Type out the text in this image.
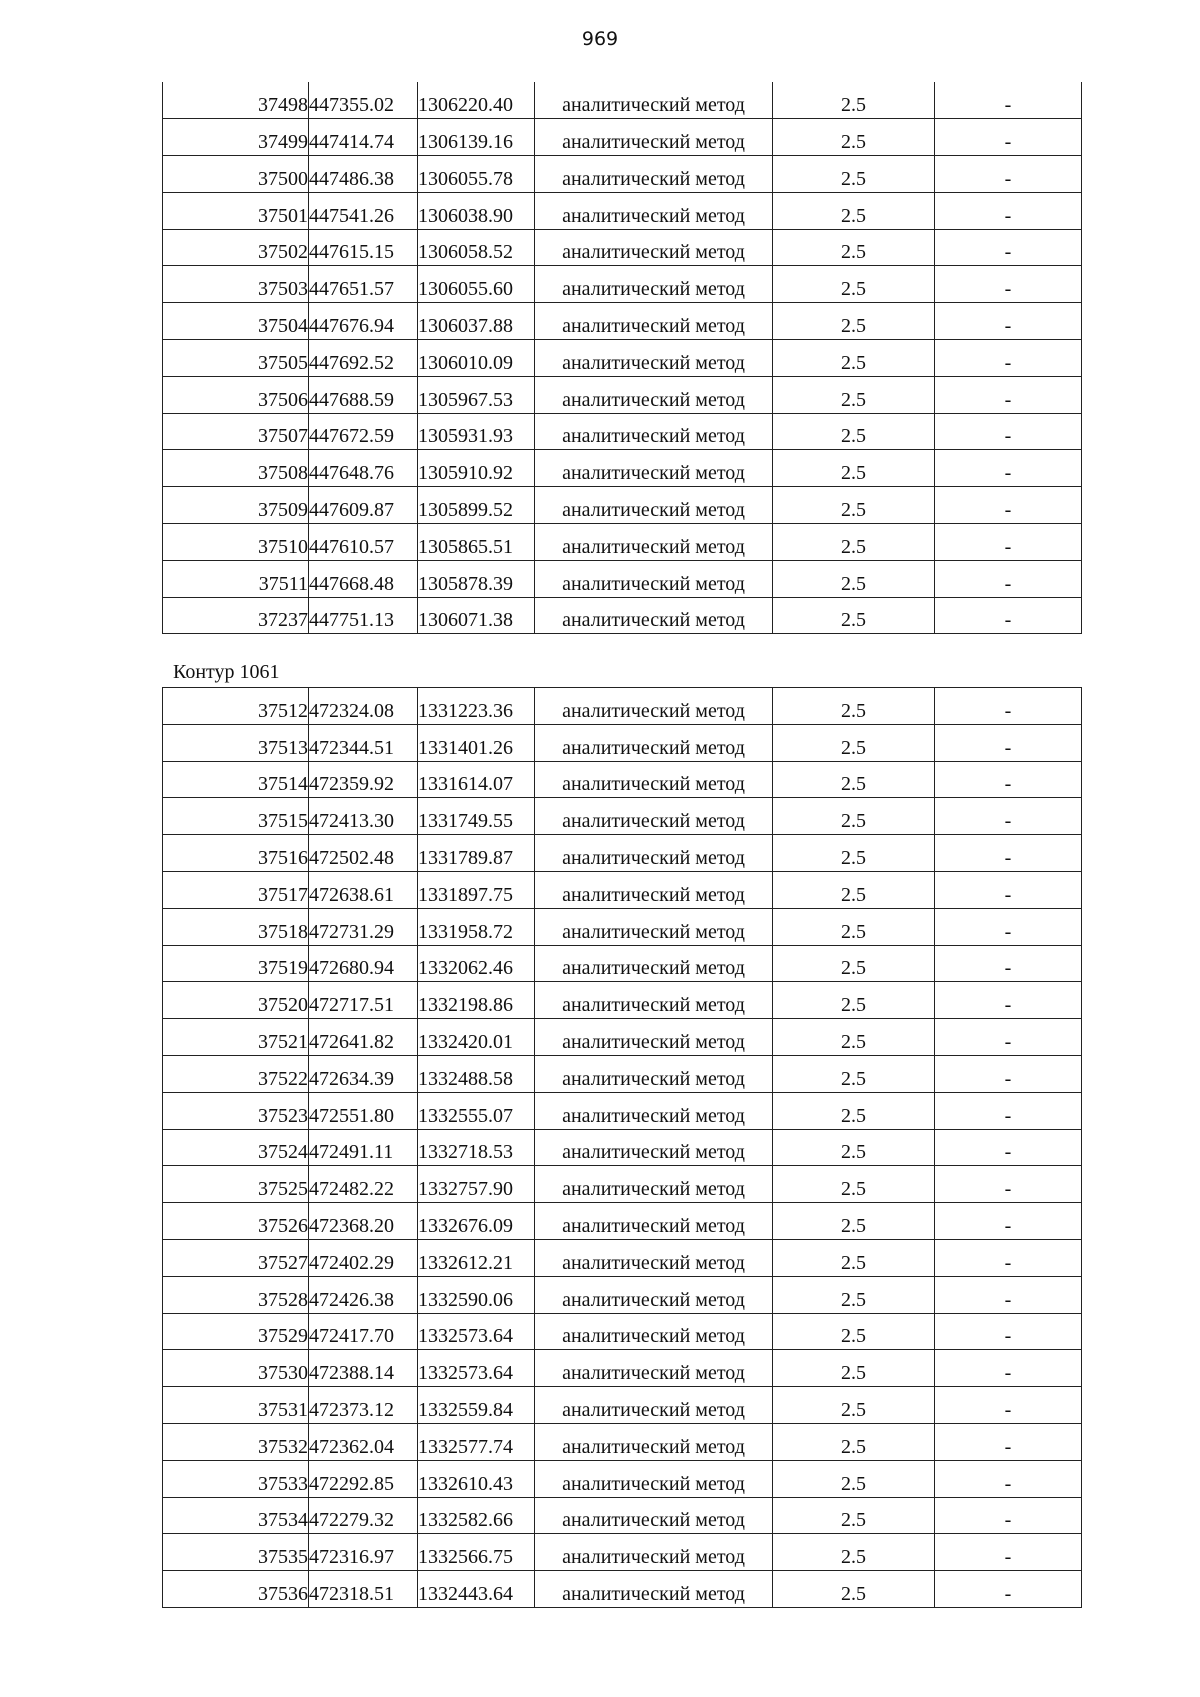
969
37498	447355.02	1306220.40	аналитический метод	2.5	-
37499	447414.74	1306139.16	аналитический метод	2.5	-
37500	447486.38	1306055.78	аналитический метод	2.5	-
37501	447541.26	1306038.90	аналитический метод	2.5	-
37502	447615.15	1306058.52	аналитический метод	2.5	-
37503	447651.57	1306055.60	аналитический метод	2.5	-
37504	447676.94	1306037.88	аналитический метод	2.5	-
37505	447692.52	1306010.09	аналитический метод	2.5	-
37506	447688.59	1305967.53	аналитический метод	2.5	-
37507	447672.59	1305931.93	аналитический метод	2.5	-
37508	447648.76	1305910.92	аналитический метод	2.5	-
37509	447609.87	1305899.52	аналитический метод	2.5	-
37510	447610.57	1305865.51	аналитический метод	2.5	-
37511	447668.48	1305878.39	аналитический метод	2.5	-
37237	447751.13	1306071.38	аналитический метод	2.5	-
Контур 1061
37512	472324.08	1331223.36	аналитический метод	2.5	-
37513	472344.51	1331401.26	аналитический метод	2.5	-
37514	472359.92	1331614.07	аналитический метод	2.5	-
37515	472413.30	1331749.55	аналитический метод	2.5	-
37516	472502.48	1331789.87	аналитический метод	2.5	-
37517	472638.61	1331897.75	аналитический метод	2.5	-
37518	472731.29	1331958.72	аналитический метод	2.5	-
37519	472680.94	1332062.46	аналитический метод	2.5	-
37520	472717.51	1332198.86	аналитический метод	2.5	-
37521	472641.82	1332420.01	аналитический метод	2.5	-
37522	472634.39	1332488.58	аналитический метод	2.5	-
37523	472551.80	1332555.07	аналитический метод	2.5	-
37524	472491.11	1332718.53	аналитический метод	2.5	-
37525	472482.22	1332757.90	аналитический метод	2.5	-
37526	472368.20	1332676.09	аналитический метод	2.5	-
37527	472402.29	1332612.21	аналитический метод	2.5	-
37528	472426.38	1332590.06	аналитический метод	2.5	-
37529	472417.70	1332573.64	аналитический метод	2.5	-
37530	472388.14	1332573.64	аналитический метод	2.5	-
37531	472373.12	1332559.84	аналитический метод	2.5	-
37532	472362.04	1332577.74	аналитический метод	2.5	-
37533	472292.85	1332610.43	аналитический метод	2.5	-
37534	472279.32	1332582.66	аналитический метод	2.5	-
37535	472316.97	1332566.75	аналитический метод	2.5	-
37536	472318.51	1332443.64	аналитический метод	2.5	-
